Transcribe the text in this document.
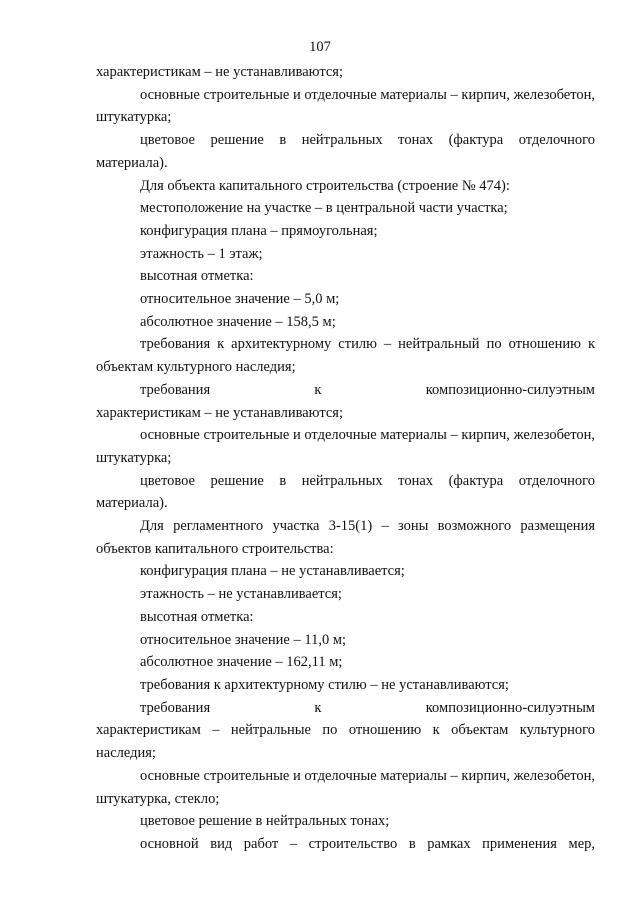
107

характеристикам – не устанавливаются;

основные строительные и отделочные материалы – кирпич, железобетон, штукатурка;

цветовое решение в нейтральных тонах (фактура отделочного материала).

Для объекта капитального строительства (строение № 474):

местоположение на участке – в центральной части участка;

конфигурация плана – прямоугольная;

этажность – 1 этаж;

высотная отметка:

относительное значение – 5,0 м;

абсолютное значение – 158,5 м;

требования к архитектурному стилю – нейтральный по отношению к объектам культурного наследия;

требования к композиционно-силуэтным

характеристикам – не устанавливаются;

основные строительные и отделочные материалы – кирпич, железобетон, штукатурка;

цветовое решение в нейтральных тонах (фактура отделочного материала).

Для регламентного участка 3-15(1) – зоны возможного размещения объектов капитального строительства:

конфигурация плана – не устанавливается;

этажность – не устанавливается;

высотная отметка:

относительное значение – 11,0 м;

абсолютное значение – 162,11 м;

требования к архитектурному стилю – не устанавливаются;

требования к композиционно-силуэтным

характеристикам – нейтральные по отношению к объектам культурного наследия;

основные строительные и отделочные материалы – кирпич, железобетон, штукатурка, стекло;

цветовое решение в нейтральных тонах;

основной вид работ – строительство в рамках применения мер,
